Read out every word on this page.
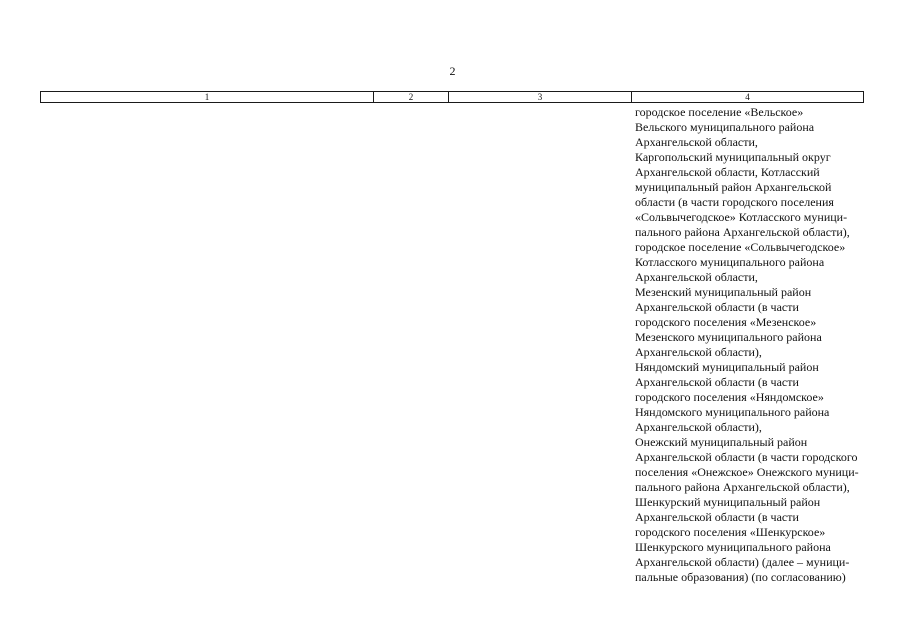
2
1	2	3	4
городское поселение «Вельское»
Вельского муниципального района
Архангельской области,
Каргопольский муниципальный округ
Архангельской области, Котласский
муниципальный район Архангельской
области (в части городского поселения
«Сольвычегодское» Котласского муници-
пального района Архангельской области),
городское поселение «Сольвычегодское»
Котласского муниципального района
Архангельской области,
Мезенский муниципальный район
Архангельской области (в части
городского поселения «Мезенское»
Мезенского муниципального района
Архангельской области),
Няндомский муниципальный район
Архангельской области (в части
городского поселения «Няндомское»
Няндомского муниципального района
Архангельской области),
Онежский муниципальный район
Архангельской области (в части городского
поселения «Онежское» Онежского муници-
пального района Архангельской области),
Шенкурский муниципальный район
Архангельской области (в части
городского поселения «Шенкурское»
Шенкурского муниципального района
Архангельской области) (далее – муници-
пальные образования) (по согласованию)
